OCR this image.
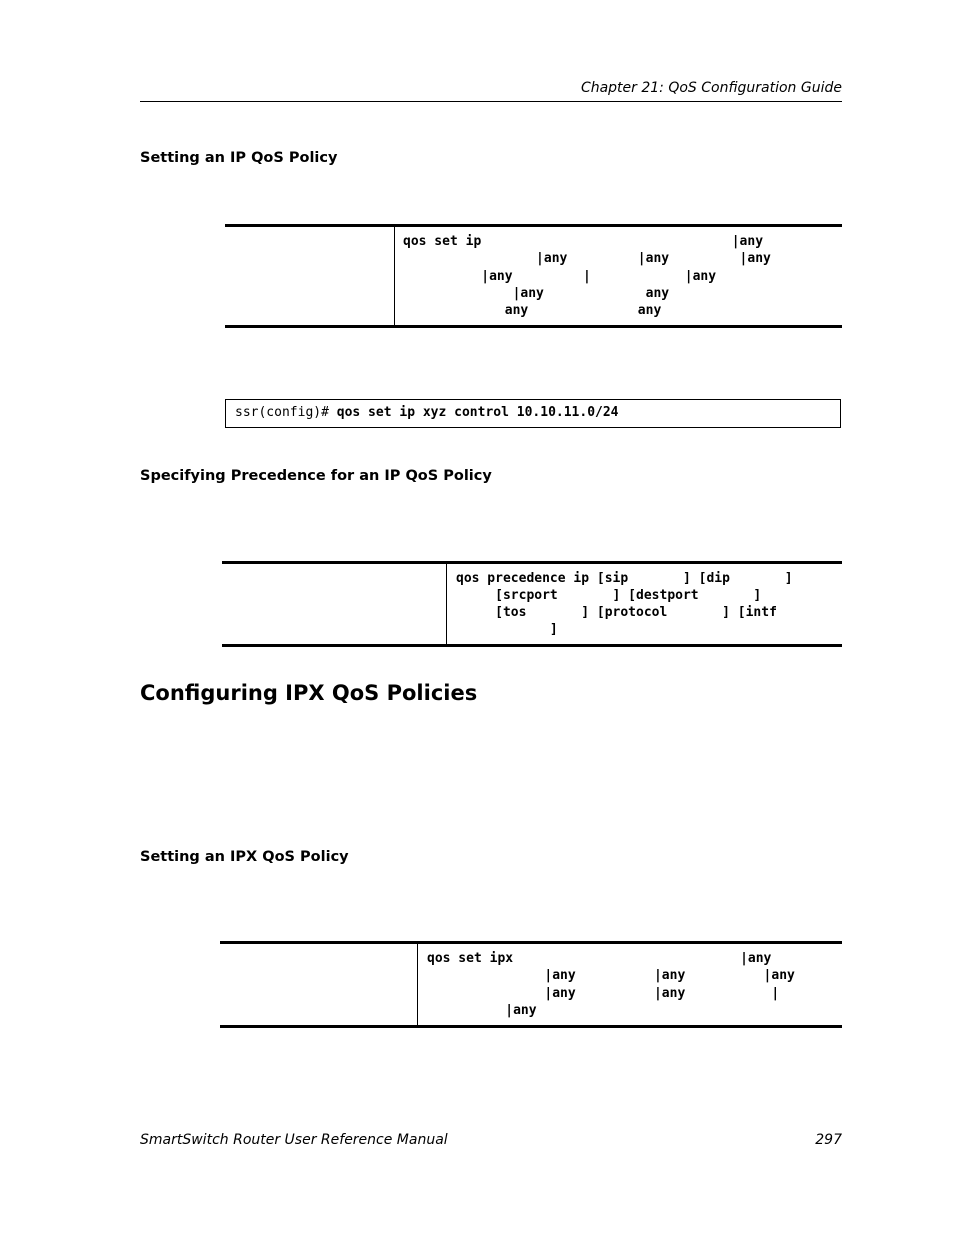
Chapter 21: QoS Configuration Guide
Setting an IP QoS Policy
qos set ip                                |any
|any         |any         |any
|any         |            |any
|any             any
any              any
ssr(config)# qos set ip xyz control 10.10.11.0/24
Specifying Precedence for an IP QoS Policy
qos precedence ip [sip       ] [dip       ]
[srcport       ] [destport       ]
[tos       ] [protocol       ] [intf
]
Configuring IPX QoS Policies
Setting an IPX QoS Policy
qos set ipx                             |any
|any          |any          |any
|any          |any           |
|any
SmartSwitch Router User Reference Manual	297
